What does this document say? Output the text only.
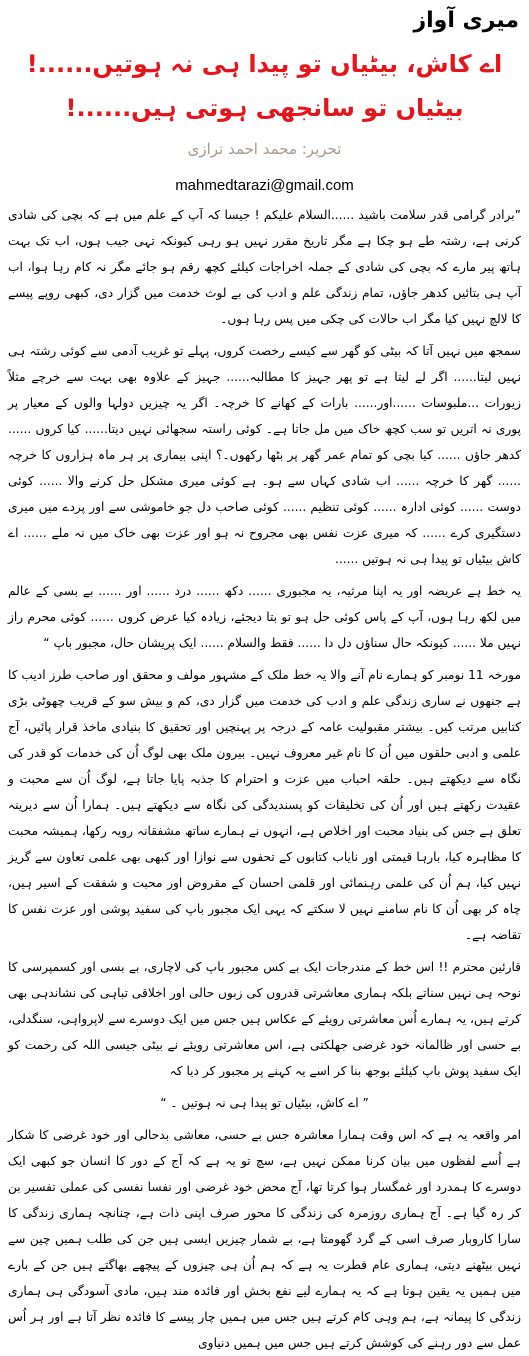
میری آواز
اے کاش، بیٹیاں تو پیدا ہی نہ ہوتیں......!
بیٹیاں تو سانجھی ہوتی ہیں......!
تحریر: محمد احمد ترازی
mahmedtarazi@gmail.com

”برادر گرامی قدر سلامت باشید ......السلام علیکم ! جیسا کہ آپ کے علم میں ہے کہ بچی کی شادی کرنی ہے، رشتہ طے ہو چکا ہے مگر تاریخ مقرر نہیں ہو رہی کیونکہ تہی جیب ہوں، اب تک بہت ہاتھ پیر مارے کہ بچی کی شادی کے جملہ اخراجات کیلئے کچھ رقم ہو جائے مگر نہ کام رہا ہوا، اب آپ ہی بتائیں کدھر جاؤں، تمام زندگی علم و ادب کی بے لوث خدمت میں گزار دی، کبھی روپے پیسے کا لالچ نہیں کیا مگر اب حالات کی چکی میں پس رہا ہوں۔

سمجھ میں نہیں آتا کہ بیٹی کو گھر سے کیسے رخصت کروں، پہلے تو غریب آدمی سے کوئی رشتہ ہی نہیں لیتا...... اگر لے لیتا ہے تو پھر جہیز کا مطالبہ...... جہیز کے علاوہ بھی بہت سے خرچے مثلاً زیورات ...ملبوسات ......اور...... بارات کے کھانے کا خرچہ۔ اگر یہ چیزیں دولہا والوں کے معیار پر پوری نہ اتریں تو سب کچھ خاک میں مل جاتا ہے۔ کوئی راستہ سجھائی نہیں دیتا...... کیا کروں ...... کدھر جاؤں ...... کیا بچی کو تمام عمر گھر پر بٹھا رکھوں۔؟ اپنی بیماری پر ہر ماہ ہزاروں کا خرچہ ...... گھر کا خرچہ ...... اب شادی کہاں سے ہو۔ ہے کوئی میری مشکل حل کرنے والا ...... کوئی دوست ...... کوئی ادارہ ...... کوئی تنظیم ...... کوئی صاحب دل جو خاموشی سے اور پردے میں میری دستگیری کرے ...... کہ میری عزت نفس بھی مجروح نہ ہو اور عزت بھی خاک میں نہ ملے ...... اے کاش بیٹیاں تو پیدا ہی نہ ہوتیں ......

یہ خط ہے عریضہ اور یہ اپنا مرثیہ، یہ مجبوری ...... دکھ ...... درد ...... اور ...... بے بسی کے عالم میں لکھ رہا ہوں، آپ کے پاس کوئی حل ہو تو بتا دیجئے، زیادہ کیا عرض کروں ...... کوئی محرم راز نہیں ملا ...... کیونکہ حال سناؤں دل دا ...... فقط والسلام ...... ایک پریشان حال، مجبور باپ “

مورخہ 11 نومبر کو ہمارے نام آنے والا یہ خط ملک کے مشہور مولف و محقق اور صاحب طرز ادیب کا ہے جنھوں نے ساری زندگی علم و ادب کی خدمت میں گزار دی، کم و بیش سو کے قریب چھوٹی بڑی کتابیں مرتب کیں۔ بیشتر مقبولیت عامہ کے درجہ پر پہنچیں اور تحقیق کا بنیادی ماخذ قرار پائیں، آج علمی و ادبی حلقوں میں اُن کا نام غیر معروف نہیں۔ بیرون ملک بھی لوگ اُن کی خدمات کو قدر کی نگاہ سے دیکھتے ہیں۔ حلقہ احباب میں عزت و احترام کا جذبہ پایا جاتا ہے، لوگ اُن سے محبت و عقیدت رکھتے ہیں اور اُن کی تخلیقات کو پسندیدگی کی نگاہ سے دیکھتے ہیں۔ ہمارا اُن سے دیرینہ تعلق ہے جس کی بنیاد محبت اور اخلاص ہے، انہوں نے ہمارے ساتھ مشفقانہ رویہ رکھا، ہمیشہ محبت کا مظاہرہ کیا، بارہا قیمتی اور نایاب کتابوں کے تحفوں سے نوازا اور کبھی بھی علمی تعاون سے گریز نہیں کیا، ہم اُن کی علمی رہنمائی اور قلمی احسان کے مقروض اور محبت و شفقت کے اسیر ہیں، چاہ کر بھی اُن کا نام سامنے نہیں لا سکتے کہ یہی ایک مجبور باپ کی سفید پوشی اور عزت نفس کا تقاضہ ہے۔

قارئین محترم !! اس خط کے مندرجات ایک بے کس مجبور باپ کی لاچاری، بے بسی اور کسمپرسی کا نوحہ ہی نہیں سناتے بلکہ ہماری معاشرتی قدروں کی زبوں حالی اور اخلاقی تباہی کی نشاندہی بھی کرتے ہیں، یہ ہمارے اُس معاشرتی رویئے کے عکاس ہیں جس میں ایک دوسرے سے لاپرواہی، سنگدلی، بے حسی اور ظالمانہ خود غرضی جھلکتی ہے، اس معاشرتی رویئے نے بیٹی جیسی اللہ کی رحمت کو ایک سفید پوش باپ کیلئے بوجھ بنا کر اسے یہ کہنے پر مجبور کر دیا کہ

” اے کاش، بیٹیاں تو پیدا ہی نہ ہوتیں ۔ “

امر واقعہ یہ ہے کہ اس وقت ہمارا معاشرہ جس بے حسی، معاشی بدحالی اور خود غرضی کا شکار ہے اُسے لفظوں میں بیان کرنا ممکن نہیں ہے، سچ تو یہ ہے کہ آج کے دور کا انسان جو کبھی ایک دوسرے کا ہمدرد اور غمگسار ہوا کرتا تھا، آج محض خود غرضی اور نفسا نفسی کی عملی تفسیر بن کر رہ گیا ہے۔ آج ہماری روزمرہ کی زندگی کا محور صرف اپنی ذات ہے، چنانچہ ہماری زندگی کا سارا کاروبار صرف اسی کے گرد گھومتا ہے، بے شمار چیزیں ایسی ہیں جن کی طلب ہمیں چین سے نہیں بیٹھنے دیتی، ہماری عام فطرت یہ ہے کہ ہم اُن ہی چیزوں کے پیچھے بھاگتے ہیں جن کے بارے میں ہمیں یہ یقین ہوتا ہے کہ یہ ہمارے لیے نفع بخش اور فائدہ مند ہیں، مادی آسودگی ہی ہماری زندگی کا پیمانہ ہے، ہم وہی کام کرتے ہیں جس میں ہمیں چار پیسے کا فائدہ نظر آتا ہے اور ہر اُس عمل سے دور رہنے کی کوشش کرتے ہیں جس میں ہمیں دنیاوی
